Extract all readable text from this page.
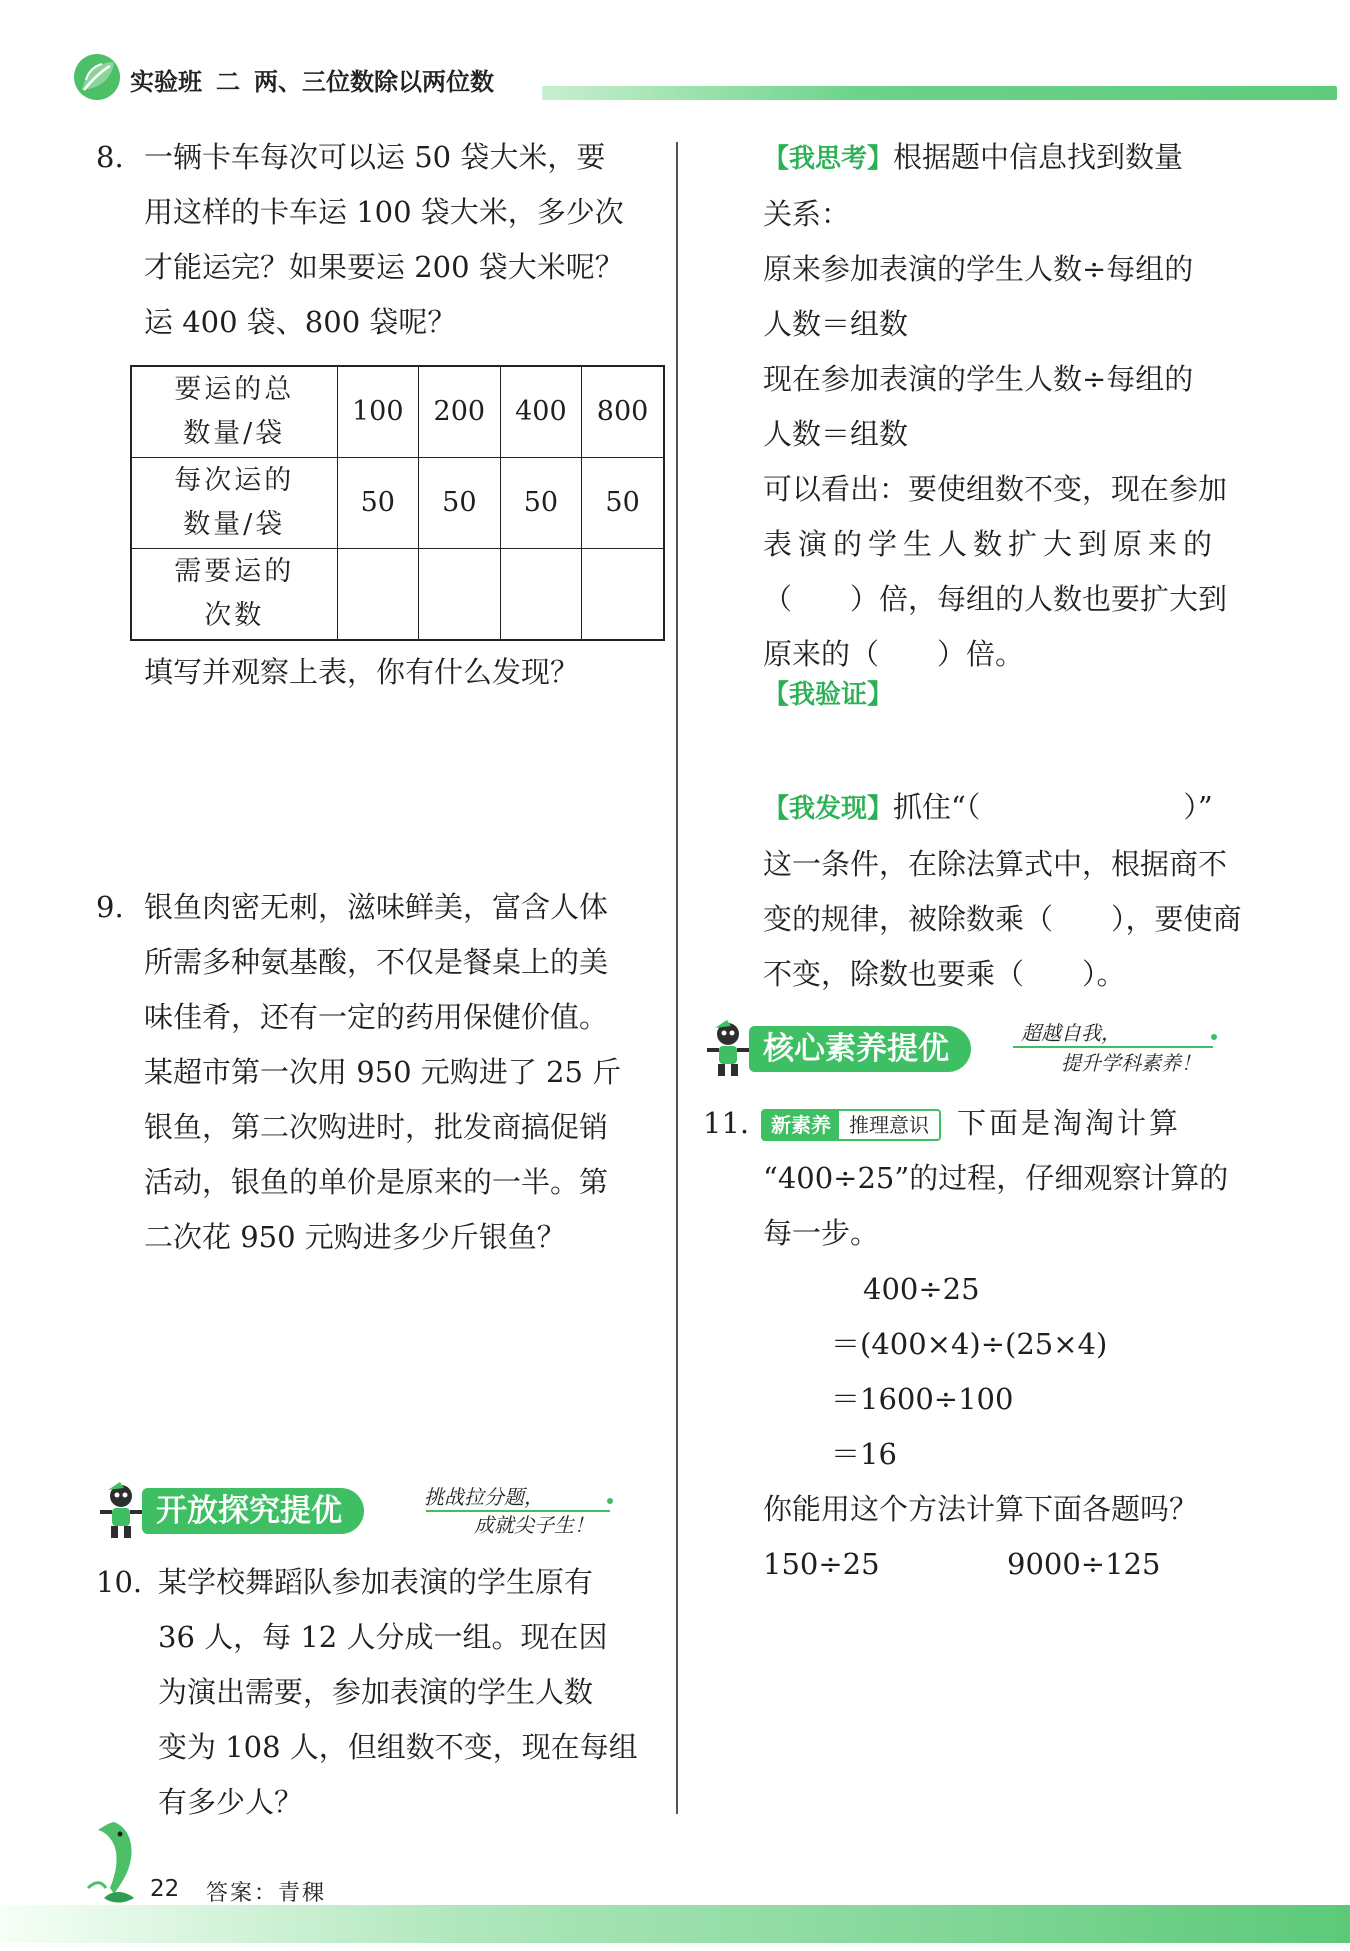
实验班 二 两、三位数除以两位数
8. 一辆卡车每次可以运 50 袋大米，要

用这样的卡车运 100 袋大米，多少次

才能运完？如果要运 200 袋大米呢？

运 400 袋、800 袋呢？

要运的总
数量/袋	100	200	400	800
每次运的
数量/袋	50	50	50	50
需要运的
次数				

填写并观察上表，你有什么发现？

9. 银鱼肉密无刺，滋味鲜美，富含人体

所需多种氨基酸，不仅是餐桌上的美

味佳肴，还有一定的药用保健价值。

某超市第一次用 950 元购进了 25 斤

银鱼，第二次购进时，批发商搞促销

活动，银鱼的单价是原来的一半。第

二次花 950 元购进多少斤银鱼？

开放探究提优	挑战拉分题，
成就尖子生！
10. 某学校舞蹈队参加表演的学生原有

36 人，每 12 人分成一组。现在因

为演出需要，参加表演的学生人数

变为 108 人，但组数不变，现在每组

有多少人？

【我思考】根据题中信息找到数量

关系：

原来参加表演的学生人数÷每组的

人数＝组数

现在参加表演的学生人数÷每组的

人数＝组数

可以看出：要使组数不变，现在参加

表演的学生人数扩大到原来的

（　　）倍，每组的人数也要扩大到

原来的（　　）倍。

【我验证】

【我发现】抓住“（　　　　　　　）”

这一条件，在除法算式中，根据商不

变的规律，被除数乘（　　），要使商

不变，除数也要乘（　　）。

核心素养提优	超越自我，
提升学科素养！

11.	新素养 推理意识 下面是淘淘计算

“400÷25”的过程，仔细观察计算的

每一步。

400÷25
＝(400×4)÷(25×4)
＝1600÷100
＝16

你能用这个方法计算下面各题吗？

150÷25	9000÷125

22 答案：青稞
